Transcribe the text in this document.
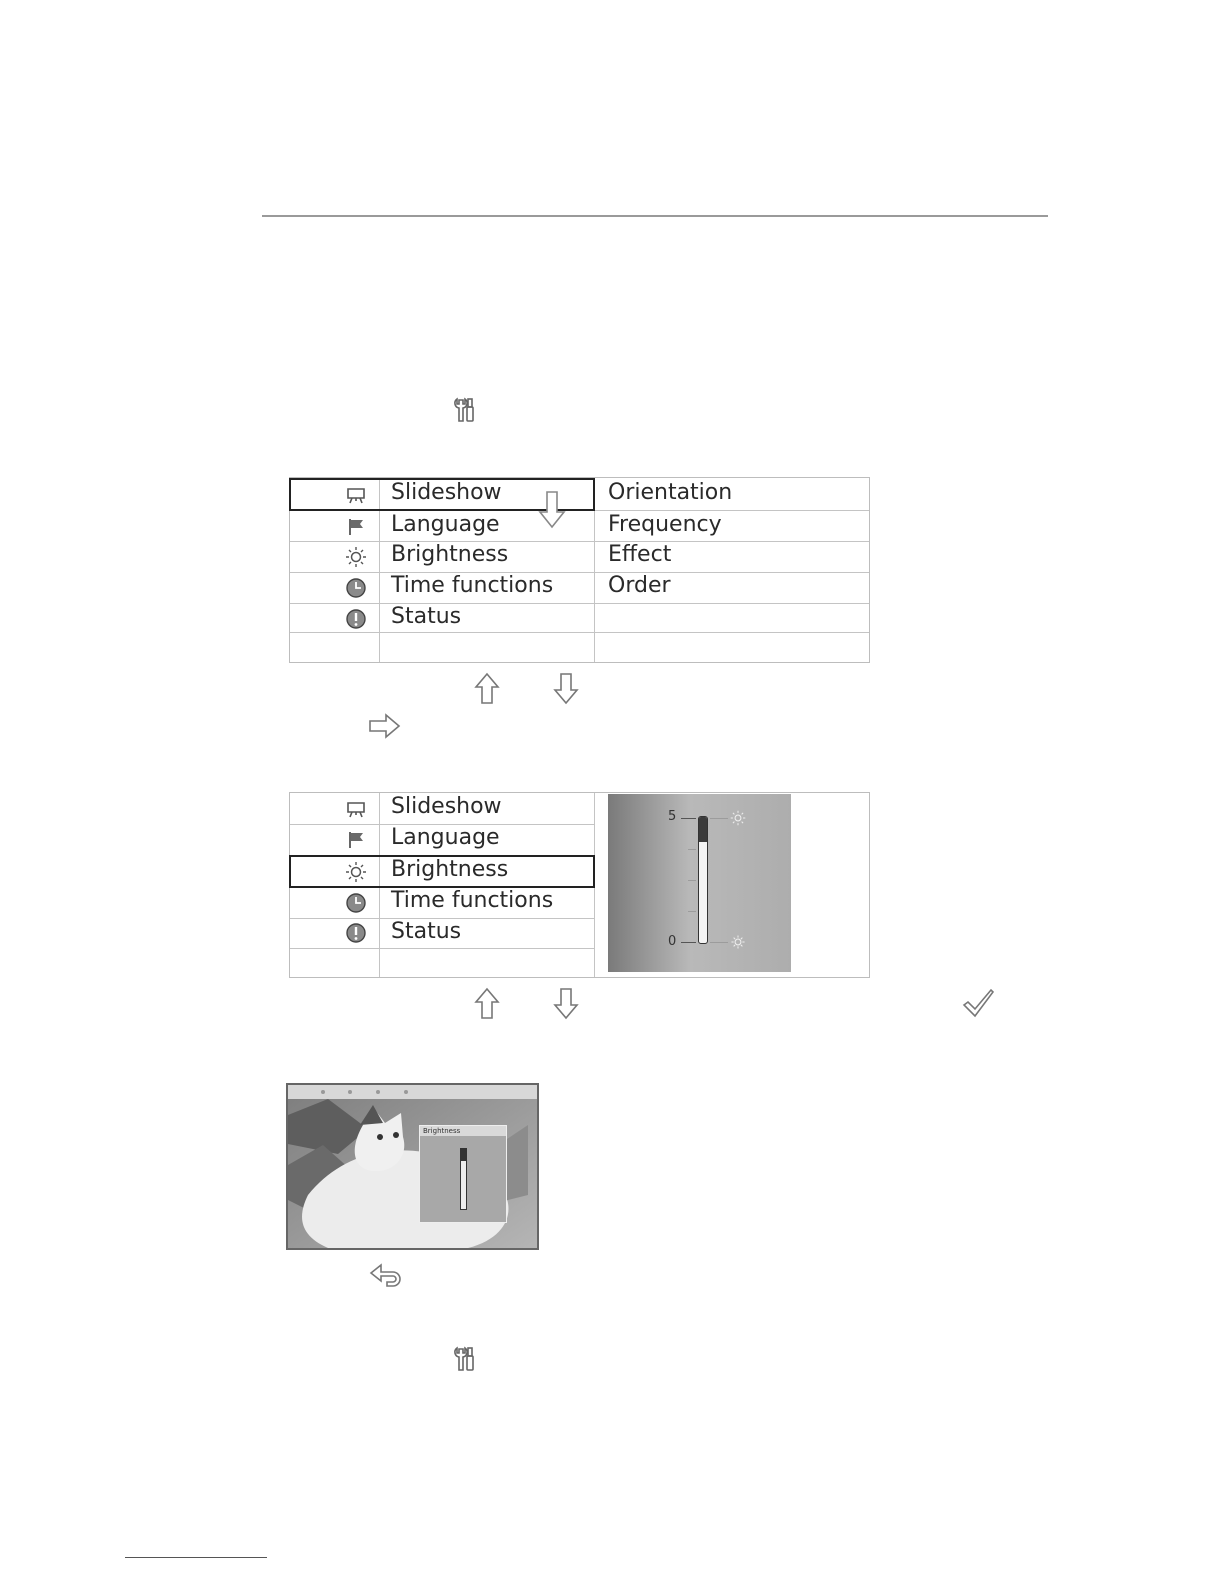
Slideshow
Language
Brightness
Time functions
Status
Orientation
Frequency
Effect
Order
Slideshow
Language
Brightness
Time functions
Status
5
0
Brightness
